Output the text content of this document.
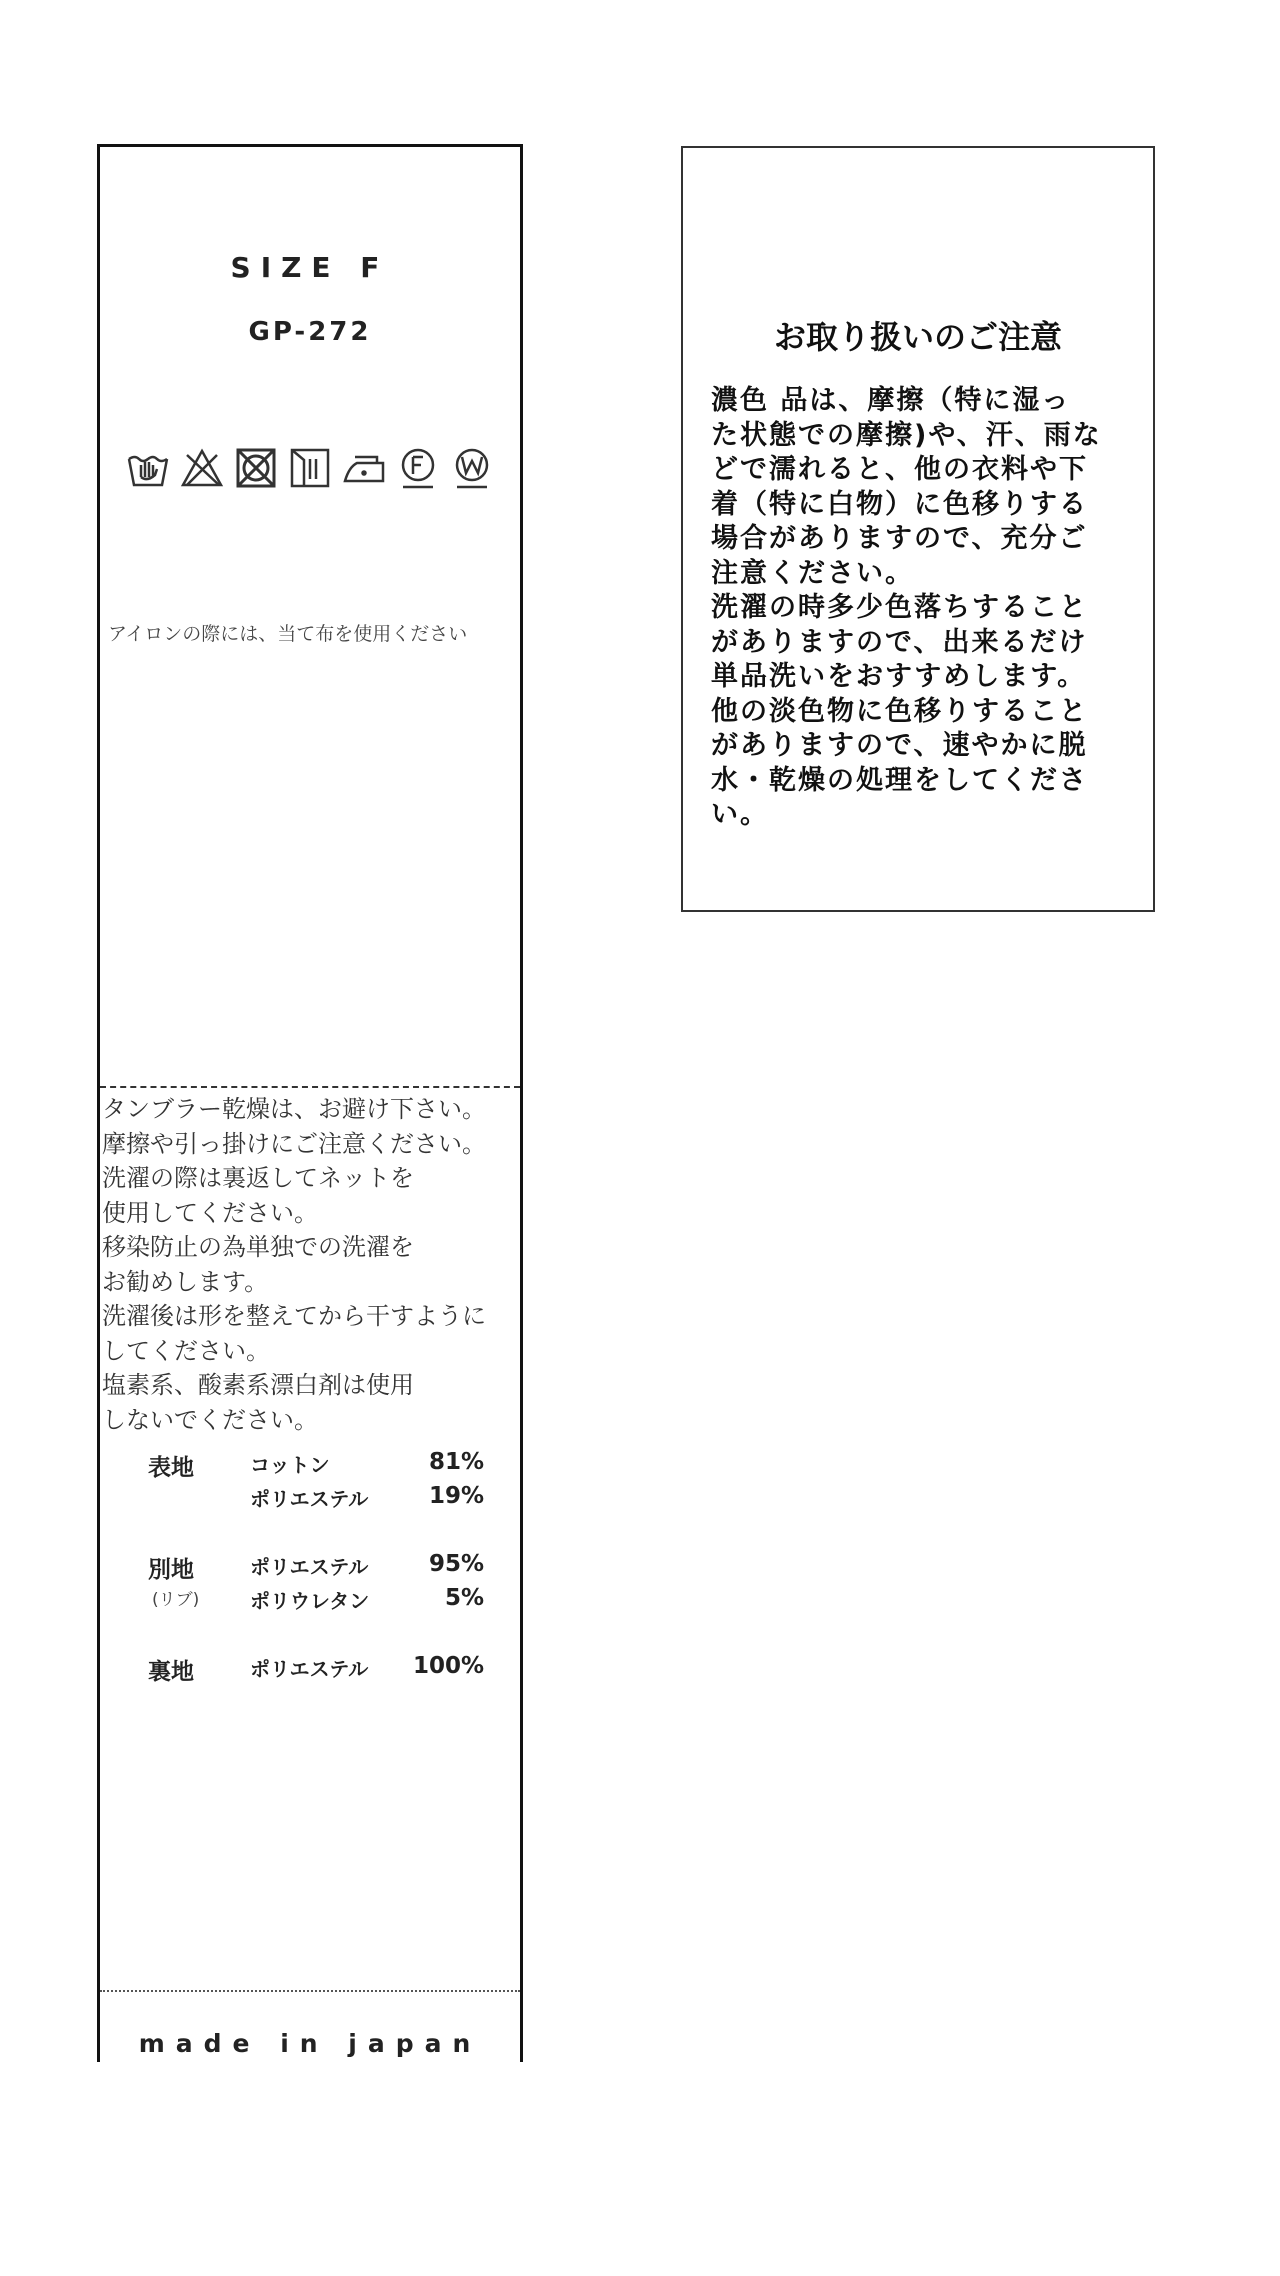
SIZE F
GP-272
アイロンの際には、当て布を使用ください
タンブラー乾燥は、お避け下さい。
摩擦や引っ掛けにご注意ください。
洗濯の際は裏返してネットを
使用してください。
移染防止の為単独での洗濯を
お勧めします。
洗濯後は形を整えてから干すように
してください。
塩素系、酸素系漂白剤は使用
しないでください。
表地	コットン	81%
ポリエステル	19%
別地	ポリエステル	95%
(リブ)	ポリウレタン	5%
裏地	ポリエステル	100%
made in japan
お取り扱いのご注意
濃色 品は、摩擦（特に湿っ
た状態での摩擦)や、汗、雨な
どで濡れると、他の衣料や下
着（特に白物）に色移りする
場合がありますので、充分ご
注意ください。
洗濯の時多少色落ちすること
がありますので、出来るだけ
単品洗いをおすすめします。
他の淡色物に色移りすること
がありますので、速やかに脱
水・乾燥の処理をしてくださ
い。
